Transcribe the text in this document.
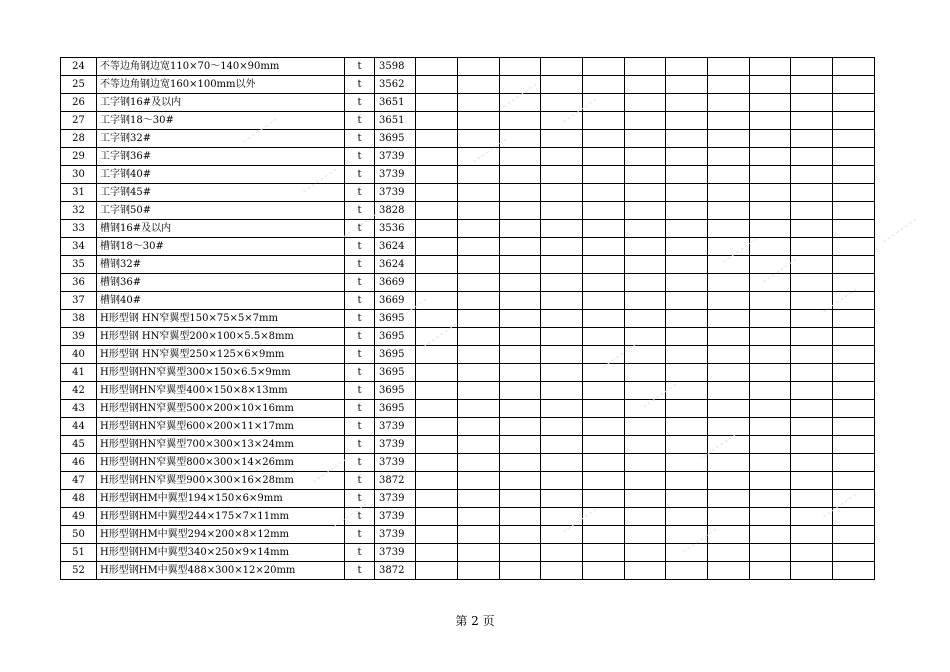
24	不等边角钢边宽110×70～140×90mm	t	3598											
25	不等边角钢边宽160×100mm以外	t	3562											
26	工字钢16#及以内	t	3651											
27	工字钢18～30#	t	3651											
28	工字钢32#	t	3695											
29	工字钢36#	t	3739											
30	工字钢40#	t	3739											
31	工字钢45#	t	3739											
32	工字钢50#	t	3828											
33	槽钢16#及以内	t	3536											
34	槽钢18～30#	t	3624											
35	槽钢32#	t	3624											
36	槽钢36#	t	3669											
37	槽钢40#	t	3669											
38	H形型钢 HN窄翼型150×75×5×7mm	t	3695											
39	H形型钢 HN窄翼型200×100×5.5×8mm	t	3695											
40	H形型钢 HN窄翼型250×125×6×9mm	t	3695											
41	H形型钢HN窄翼型300×150×6.5×9mm	t	3695											
42	H形型钢HN窄翼型400×150×8×13mm	t	3695											
43	H形型钢HN窄翼型500×200×10×16mm	t	3695											
44	H形型钢HN窄翼型600×200×11×17mm	t	3739											
45	H形型钢HN窄翼型700×300×13×24mm	t	3739											
46	H形型钢HN窄翼型800×300×14×26mm	t	3739											
47	H形型钢HN窄翼型900×300×16×28mm	t	3872											
48	H形型钢HM中翼型194×150×6×9mm	t	3739											
49	H形型钢HM中翼型244×175×7×11mm	t	3739											
50	H形型钢HM中翼型294×200×8×12mm	t	3739											
51	H形型钢HM中翼型340×250×9×14mm	t	3739											
52	H形型钢HM中翼型488×300×12×20mm	t	3872											
第 2 页
